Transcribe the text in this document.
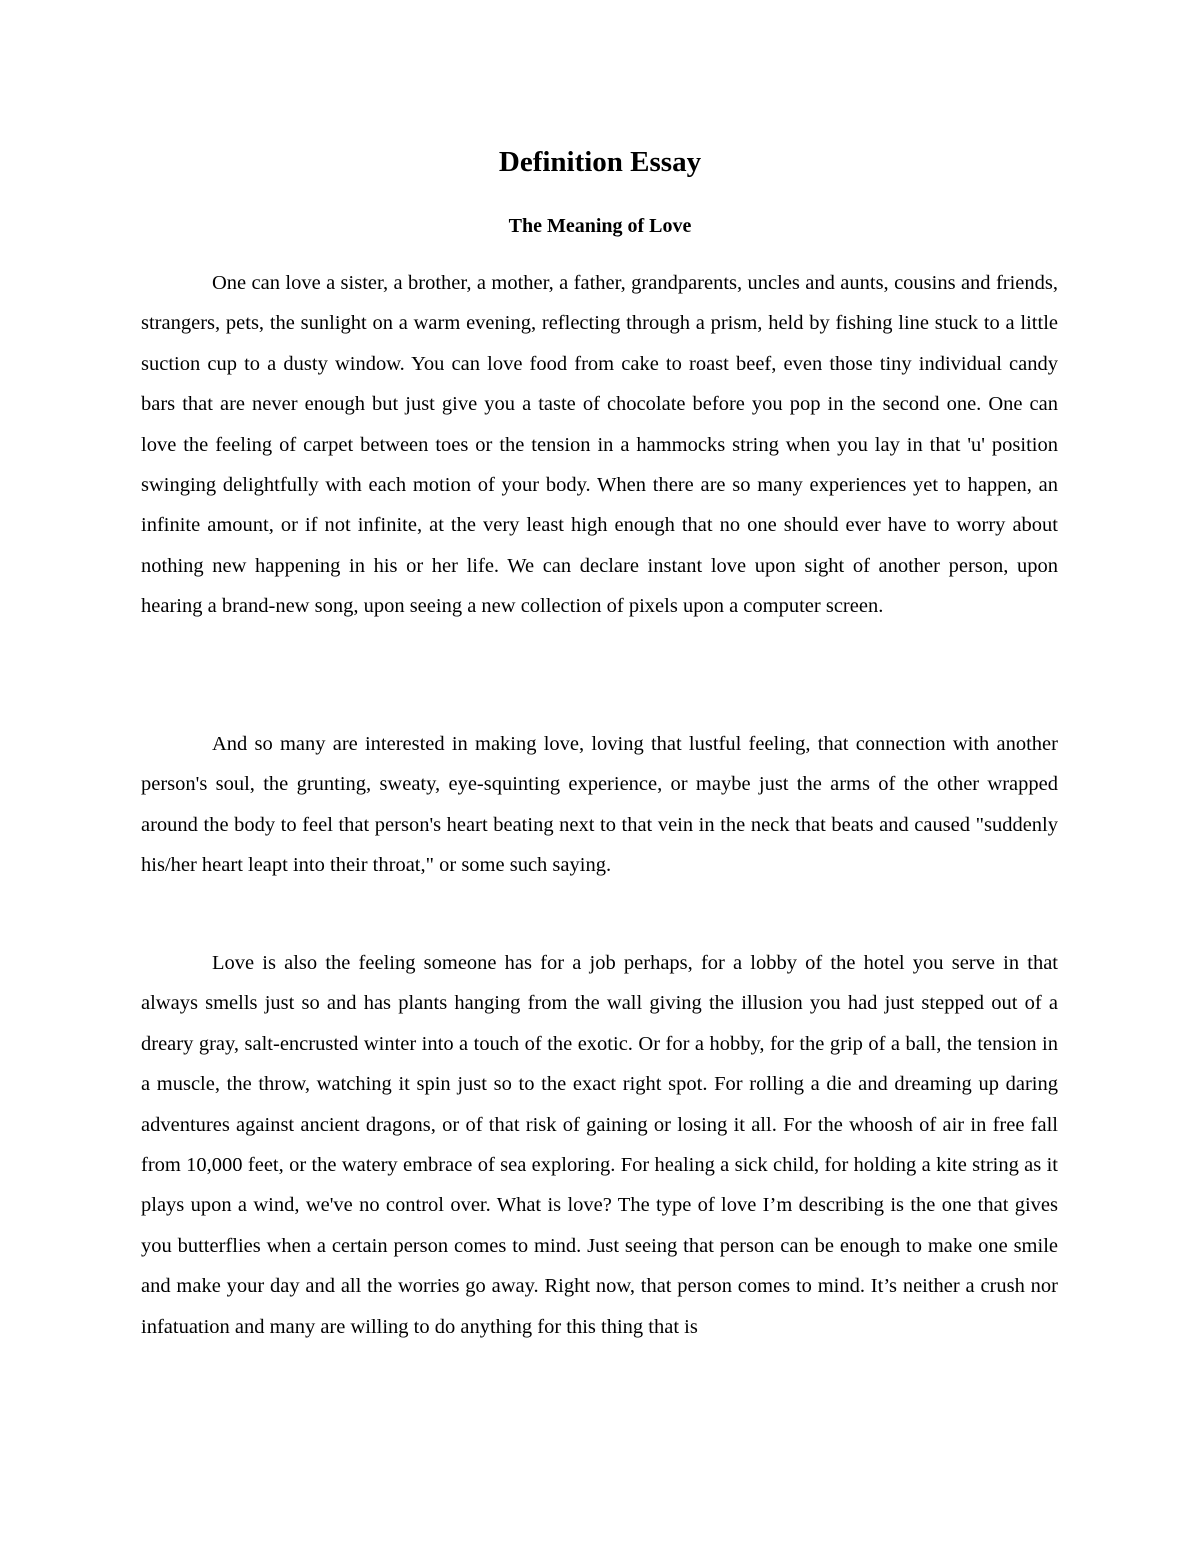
Definition Essay
The Meaning of Love

One can love a sister, a brother, a mother, a father, grandparents, uncles and aunts, cousins and friends, strangers, pets, the sunlight on a warm evening, reflecting through a prism, held by fishing line stuck to a little suction cup to a dusty window. You can love food from cake to roast beef, even those tiny individual candy bars that are never enough but just give you a taste of chocolate before you pop in the second one. One can love the feeling of carpet between toes or the tension in a hammocks string when you lay in that 'u' position swinging delightfully with each motion of your body. When there are so many experiences yet to happen, an infinite amount, or if not infinite, at the very least high enough that no one should ever have to worry about nothing new happening in his or her life. We can declare instant love upon sight of another person, upon hearing a brand-new song, upon seeing a new collection of pixels upon a computer screen.

And so many are interested in making love, loving that lustful feeling, that connection with another person's soul, the grunting, sweaty, eye-squinting experience, or maybe just the arms of the other wrapped around the body to feel that person's heart beating next to that vein in the neck that beats and caused "suddenly his/her heart leapt into their throat," or some such saying.

Love is also the feeling someone has for a job perhaps, for a lobby of the hotel you serve in that always smells just so and has plants hanging from the wall giving the illusion you had just stepped out of a dreary gray, salt-encrusted winter into a touch of the exotic. Or for a hobby, for the grip of a ball, the tension in a muscle, the throw, watching it spin just so to the exact right spot. For rolling a die and dreaming up daring adventures against ancient dragons, or of that risk of gaining or losing it all. For the whoosh of air in free fall from 10,000 feet, or the watery embrace of sea exploring. For healing a sick child, for holding a kite string as it plays upon a wind, we've no control over. What is love? The type of love I’m describing is the one that gives you butterflies when a certain person comes to mind. Just seeing that person can be enough to make one smile and make your day and all the worries go away. Right now, that person comes to mind. It’s neither a crush nor infatuation and many are willing to do anything for this thing that is
